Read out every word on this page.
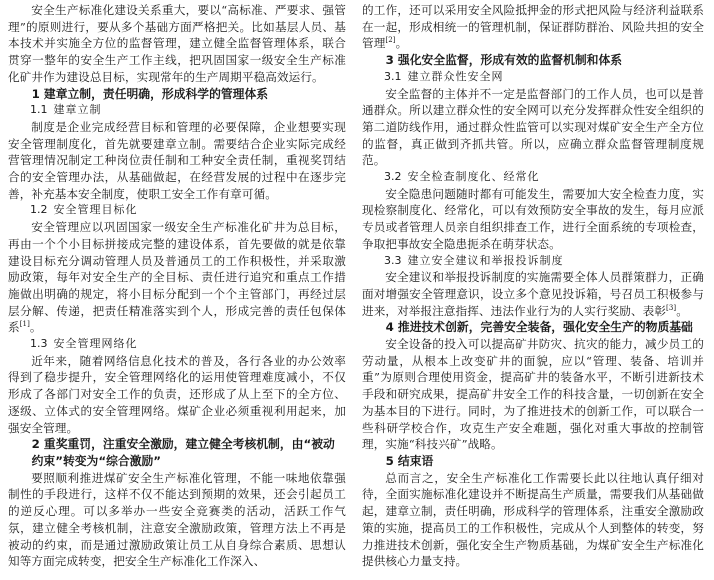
安全生产标准化建设关系重大，要以“高标准、严要求、强管理”的原则进行，要从多个基础方面严格把关。比如基层人员、基本技术并实施全方位的监督管理，建立健全监督管理体系，联合贯穿一整年的安全生产工作主线，把巩固国家一级安全生产标准化矿井作为建设总目标，实现常年的生产周期平稳高效运行。

1 建章立制，责任明确，形成科学的管理体系
1.1 建章立制

制度是企业完成经营目标和管理的必要保障，企业想要实现安全管理制度化，首先就要建章立制。需要结合企业实际完成经营管理情况制定工种岗位责任制和工种安全责任制，重视奖罚结合的安全管理办法，从基础做起，在经营发展的过程中在逐步完善，补充基本安全制度，使职工安全工作有章可循。

1.2 安全管理目标化

安全管理应以巩固国家一级安全生产标准化矿井为总目标，再由一个个小目标拼接成完整的建设体系，首先要做的就是依靠建设目标充分调动管理人员及普通员工的工作积极性，并采取激励政策，每年对安全生产的全目标、责任进行追究和重点工作措施做出明确的规定，将小目标分配到一个个主管部门，再经过层层分解、传递，把责任精准落实到个人，形成完善的责任包保体系[1]。

1.3 安全管理网络化

近年来，随着网络信息化技术的普及，各行各业的办公效率得到了稳步提升，安全管理网络化的运用使管理难度减小，不仅形成了各部门对安全工作的负责，还形成了从上至下的全方位、逐级、立体式的安全管理网络。煤矿企业必须重视利用起来，加强安全管理。

2 重奖重罚，注重安全激励，建立健全考核机制，由“被动约束”转变为“综合激励”

要照顺利推进煤矿安全生产标准化管理，不能一味地依靠强制性的手段进行，这样不仅不能达到预期的效果，还会引起员工的逆反心理。可以多举办一些安全竞赛类的活动，活跃工作气氛，建立健全考核机制，注意安全激励政策，管理方法上不再是被动的约束，而是通过激励政策让员工从自身综合素质、思想认知等方面完成转变，把安全生产标准化工作深入、

的工作，还可以采用安全风险抵押金的形式把风险与经济利益联系在一起，形成相统一的管理机制，保证群防群治、风险共担的安全管理[2]。

3 强化安全监督，形成有效的监督机制和体系
3.1 建立群众性安全网

安全监督的主体并不一定是监督部门的工作人员，也可以是普通群众。所以建立群众性的安全网可以充分发挥群众性安全组织的第二道防线作用，通过群众性监管可以实现对煤矿安全生产全方位的监督，真正做到齐抓共管。所以，应确立群众监督管理制度规范。

3.2 安全检查制度化、经常化

安全隐患问题随时都有可能发生，需要加大安全检查力度，实现检察制度化、经常化，可以有效预防安全事故的发生，每月应派专员或者管理人员亲自组织排查工作，进行全面系统的专项检查，争取把事故安全隐患扼杀在萌芽状态。

3.3 建立安全建议和举报投诉制度

安全建议和举报投诉制度的实施需要全体人员群策群力，正确面对增强安全管理意识，设立多个意见投诉箱，号召员工积极参与进来，对举报注意指挥、违法作业行为的人实行奖励、表彰[3]。

4 推进技术创新，完善安全装备，强化安全生产的物质基础

安全设备的投入可以提高矿井防灾、抗灾的能力，减少员工的劳动量，从根本上改变矿井的面貌，应以“管理、装备、培训并重”为原则合理使用资金，提高矿井的装备水平，不断引进新技术手段和研究成果，提高矿井安全工作的科技含量，一切创新在安全为基本目的下进行。同时，为了推进技术的创新工作，可以联合一些科研学校合作，攻克生产安全难题，强化对重大事故的控制管理，实施“科技兴矿”战略。

5 结束语

总而言之，安全生产标准化工作需要长此以往地认真仔细对待，全面实施标准化建设并不断提高生产质量，需要我们从基础做起，建章立制，责任明确，形成科学的管理体系，注重安全激励政策的实施，提高员工的工作积极性，完成从个人到整体的转变，努力推进技术创新，强化安全生产物质基础，为煤矿安全生产标准化提供核心力量支持。
